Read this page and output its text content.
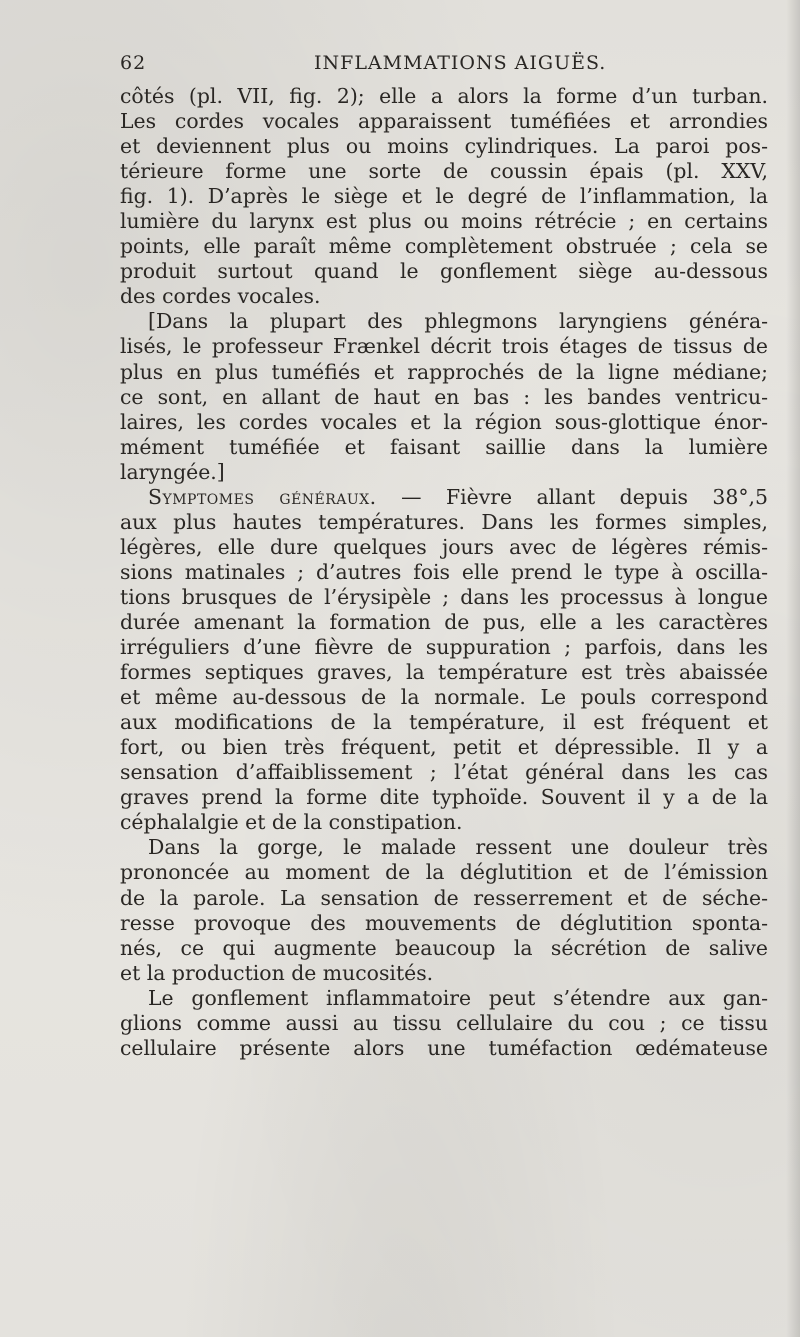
62	INFLAMMATIONS AIGUËS.
côtés (pl. VII, fig. 2); elle a alors la forme d’un turban.
Les cordes vocales apparaissent tuméfiées et arrondies
et deviennent plus ou moins cylindriques. La paroi pos-
térieure forme une sorte de coussin épais (pl. XXV,
fig. 1). D’après le siège et le degré de l’inflammation, la
lumière du larynx est plus ou moins rétrécie ; en certains
points, elle paraît même complètement obstruée ; cela se
produit surtout quand le gonflement siège au-dessous
des cordes vocales.
[Dans la plupart des phlegmons laryngiens généra-
lisés, le professeur Frænkel décrit trois étages de tissus de
plus en plus tuméfiés et rapprochés de la ligne médiane;
ce sont, en allant de haut en bas : les bandes ventricu-
laires, les cordes vocales et la région sous-glottique énor-
mément tuméfiée et faisant saillie dans la lumière
laryngée.]
Symptomes généraux. — Fièvre allant depuis 38°,5
aux plus hautes températures. Dans les formes simples,
légères, elle dure quelques jours avec de légères rémis-
sions matinales ; d’autres fois elle prend le type à oscilla-
tions brusques de l’érysipèle ; dans les processus à longue
durée amenant la formation de pus, elle a les caractères
irréguliers d’une fièvre de suppuration ; parfois, dans les
formes septiques graves, la température est très abaissée
et même au-dessous de la normale. Le pouls correspond
aux modifications de la température, il est fréquent et
fort, ou bien très fréquent, petit et dépressible. Il y a
sensation d’affaiblissement ; l’état général dans les cas
graves prend la forme dite typhoïde. Souvent il y a de la
céphalalgie et de la constipation.
Dans la gorge, le malade ressent une douleur très
prononcée au moment de la déglutition et de l’émission
de la parole. La sensation de resserrement et de séche-
resse provoque des mouvements de déglutition sponta-
nés, ce qui augmente beaucoup la sécrétion de salive
et la production de mucosités.
Le gonflement inflammatoire peut s’étendre aux gan-
glions comme aussi au tissu cellulaire du cou ; ce tissu
cellulaire présente alors une tuméfaction œdémateuse
